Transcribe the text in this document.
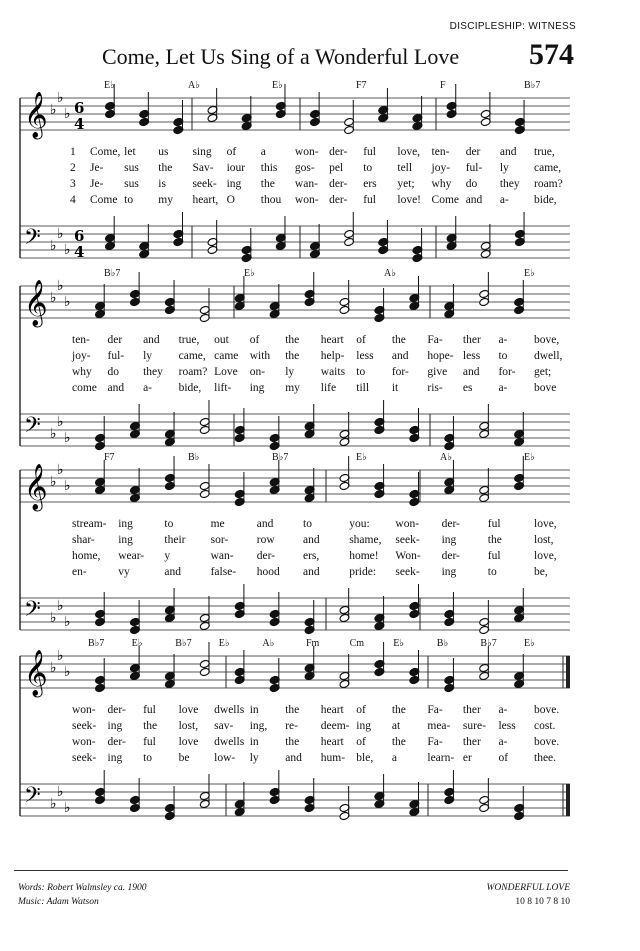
DISCIPLESHIP: WITNESS
Come, Let Us Sing of a Wonderful Love 574
E♭	A♭	E♭	F7	F	B♭7
𝄞 ♭
♭
♭ 6
4
𝄢 ♭
♭
♭
6
4
1 Come, let us sing of a	won- der- ful love, ten- der and true,
2 Je- sus the Sav- iour this gos- pel to tell joy- ful- ly came,
3 Je- sus is seek- ing the wan- der- ers yet; why do they roam?
4 Come to my heart, O thou won- der- ful love! Come and a- bide,
B♭7	E♭	A♭	E♭
𝄞 ♭
♭
♭
𝄢 ♭
♭
♭
ten- der and true, out of the heart of the Fa- ther a- bove,
joy- ful- ly came, came with the help- less and hope- less to dwell,
why do they roam? Love on- ly waits to for- give and for- get;
come and a- bide, lift- ing my life till it	ris- es a- bove
F7	B♭	B♭7	E♭	A♭	E♭
𝄞 ♭
♭
♭
𝄢 ♭
♭
♭
stream- ing	to	me	and	to	you: won- der- ful	love,
shar- ing	their sor- row and	shame, seek- ing	the	lost,
home, wear- y	wan- der- ers,	home! Won- der- ful	love,
en-	vy	and	false- hood and	pride: seek- ing	to	be,
B♭7	E♭	B♭7	E♭	A♭	Fm	Cm	E♭	B♭	B♭7	E♭
𝄞 ♭
♭
♭
𝄢 ♭
♭
♭
won- der- ful love dwells in the heart of the Fa- ther a- bove.
seek- ing the lost, sav- ing, re- deem- ing at mea- sure- less cost.
won- der- ful love dwells in the heart of the Fa- ther a- bove.
seek- ing to be low- ly and hum- ble, a	learn- er of thee.
Words: Robert Walmsley ca. 1900
Music: Adam Watson
WONDERFUL LOVE
10 8 10 7 8 10
